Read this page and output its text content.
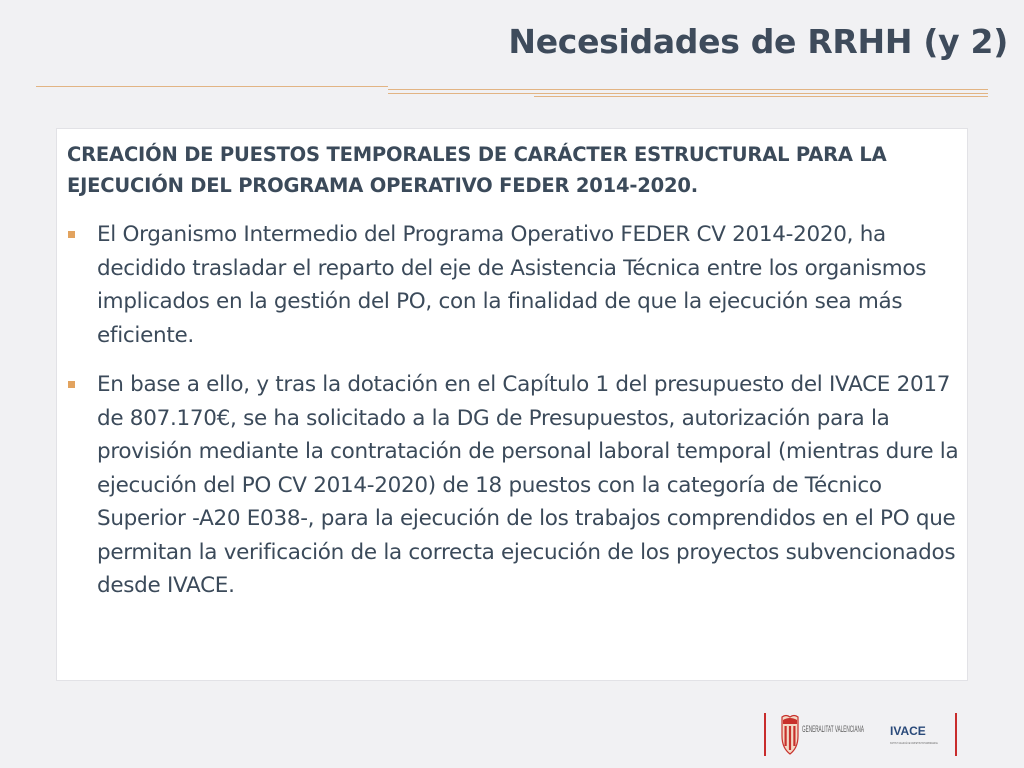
Necesidades de RRHH (y 2)
CREACIÓN DE PUESTOS TEMPORALES DE CARÁCTER ESTRUCTURAL PARA LA EJECUCIÓN DEL PROGRAMA OPERATIVO FEDER 2014-2020.
El Organismo Intermedio del Programa Operativo FEDER CV 2014-2020, ha decidido trasladar el reparto del eje de Asistencia Técnica entre los organismos implicados en la gestión del PO, con la finalidad de que la ejecución sea más eficiente.
En base a ello, y tras la dotación en el Capítulo 1 del presupuesto del IVACE 2017 de 807.170€, se ha solicitado a la DG de Presupuestos, autorización para la provisión mediante la contratación de personal laboral temporal (mientras dure la ejecución del PO CV 2014-2020) de 18 puestos con la categoría de Técnico Superior -A20 E038-, para la ejecución de los trabajos comprendidos en el PO que permitan la verificación de la correcta ejecución de los proyectos subvencionados desde IVACE.
GENERALITAT VALENCIANA IVACE
INSTITUT VALENCIÀ DE COMPETITIVITAT EMPRESARIAL
